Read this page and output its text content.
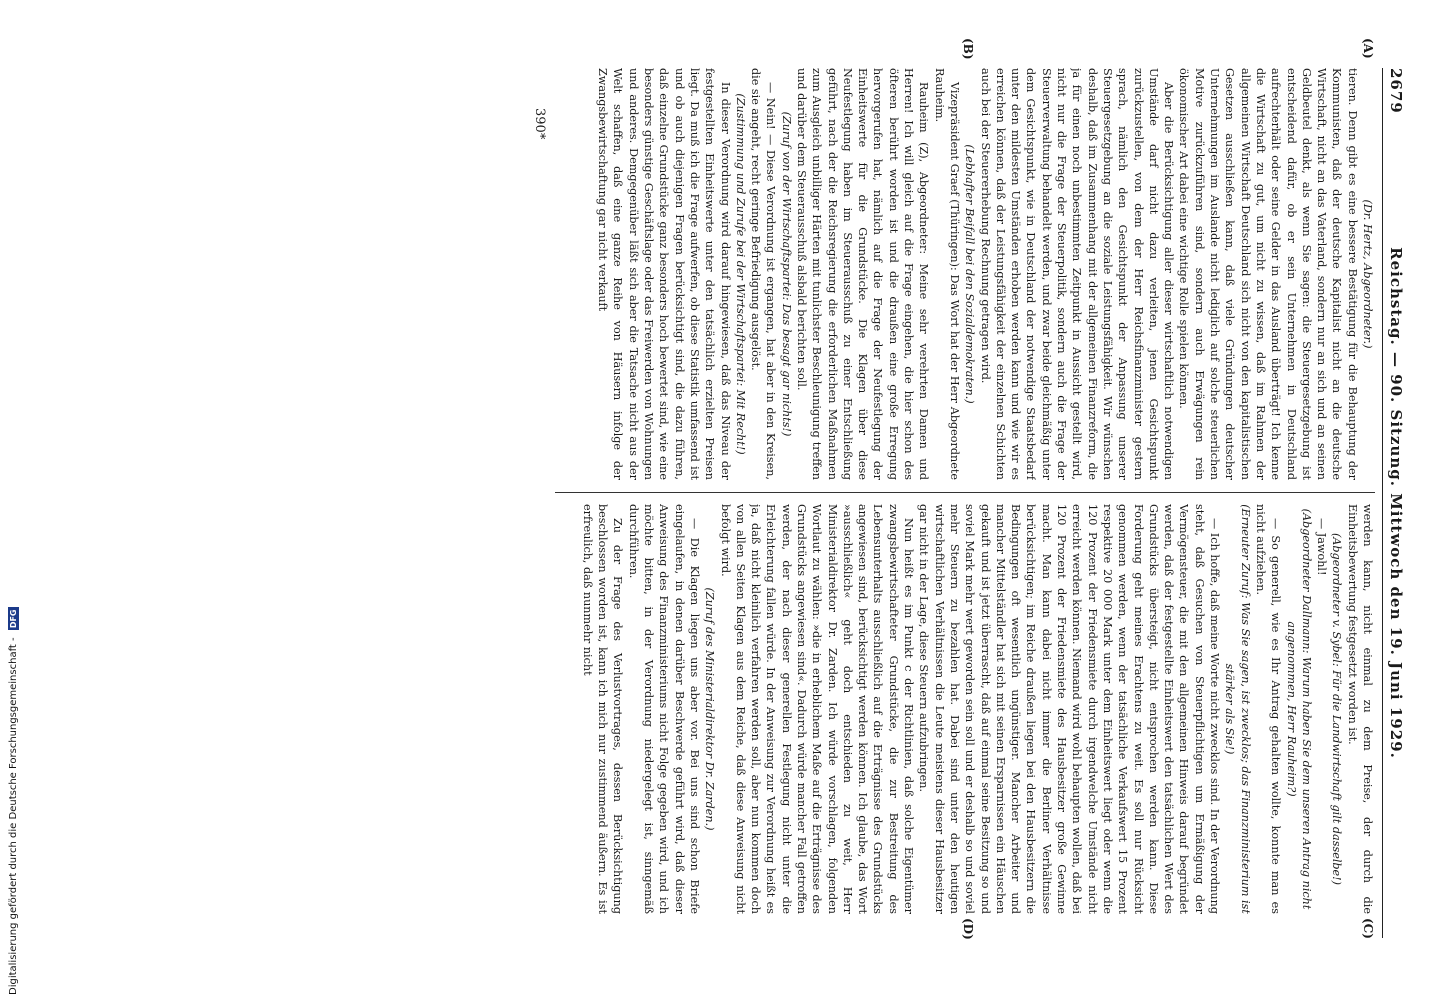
2679
Reichstag. — 90. Sitzung. Mittwoch den 19. Juni 1929.
(C)
(D)
(A)
(B)

(Dr. Hertz, Abgeordneter.)

tieren. Denn gibt es eine bessere Bestätigung für die Behauptung der Kommunisten, daß der deutsche Kapitalist nicht an die deutsche Wirtschaft, nicht an das Vaterland, sondern nur an sich und an seinen Geldbeutel denkt, als wenn Sie sagen: die Steuergesetzgebung ist entscheidend dafür, ob er sein Unternehmen in Deutschland aufrechterhält oder seine Gelder in das Ausland überträgt! Ich kenne die Wirtschaft zu gut, um nicht zu wissen, daß im Rahmen der allgemeinen Wirtschaft Deutschland sich nicht von den kapitalistischen Gesetzen ausschließen kann, daß viele Gründungen deutscher Unternehmungen im Auslande nicht lediglich auf solche steuerlichen Motive zurückzuführen sind, sondern auch Erwägungen rein ökonomischer Art dabei eine wichtige Rolle spielen können.

Aber die Berücksichtigung aller dieser wirtschaftlich notwendigen Umstände darf nicht dazu verleiten, jenen Gesichtspunkt zurückzustellen, von dem der Herr Reichsfinanzminister gestern sprach, nämlich den Gesichtspunkt der Anpassung unserer Steuergesetzgebung an die soziale Leistungsfähigkeit. Wir wünschen deshalb, daß im Zusammenhang mit der allgemeinen Finanzreform, die ja für einen noch unbestimmten Zeitpunkt in Aussicht gestellt wird, nicht nur die Frage der Steuerpolitik, sondern auch die Frage der Steuerverwaltung behandelt werden, und zwar beide gleichmäßig unter dem Gesichtspunkt, wie in Deutschland der notwendige Staatsbedarf unter den mildesten Umständen erhoben werden kann und wie wir es erreichen können, daß der Leistungsfähigkeit der einzelnen Schichten auch bei der Steuererhebung Rechnung getragen wird.

(Lebhafter Beifall bei den Sozialdemokraten.)

Vizepräsident Graef (Thüringen): Das Wort hat der Herr Abgeordnete Rauheim.

Rauheim (Z), Abgeordneter: Meine sehr verehrten Damen und Herren! Ich will gleich auf die Frage eingehen, die hier schon des öfteren berührt worden ist und die draußen eine große Erregung hervorgerufen hat, nämlich auf die Frage der Neufestlegung der Einheitswerte für die Grundstücke. Die Klagen über diese Neufestlegung haben im Steuerausschuß zu einer Entschließung geführt, nach der die Reichsregierung die erforderlichen Maßnahmen zum Ausgleich unbilliger Härten mit tunlichster Beschleunigung treffen und darüber dem Steuerausschuß alsbald berichten soll.

(Zuruf von der Wirtschaftspartei: Das besagt gar nichts!)

— Nein! — Diese Verordnung ist ergangen, hat aber in den Kreisen, die sie angeht, recht geringe Befriedigung ausgelöst.

(Zustimmung und Zurufe bei der Wirtschaftspartei: Mit Recht!)

In dieser Verordnung wird darauf hingewiesen, daß das Niveau der festgestellten Einheitswerte unter den tatsächlich erzielten Preisen liegt. Da muß ich die Frage aufwerfen, ob diese Statistik umfassend ist und ob auch diejenigen Fragen berücksichtigt sind, die dazu führen, daß einzelne Grundstücke ganz besonders hoch bewertet sind, wie eine besonders günstige Geschäftslage oder das Freiwerden von Wohnungen und anderes. Demgegenüber läßt sich aber die Tatsache nicht aus der Welt schaffen, daß eine ganze Reihe von Häusern infolge der Zwangsbewirtschaftung gar nicht verkauft

werden kann, nicht einmal zu dem Preise, der durch die Einheitsbewertung festgesetzt worden ist.

(Abgeordneter v. Sybel: Für die Landwirtschaft gilt dasselbe!)

— Jawohl!

(Abgeordneter Dallmann: Warum haben Sie dem unseren Antrag nicht angenommen, Herr Rauheim?)

— So generell, wie es Ihr Antrag gehalten wollte, konnte man es nicht aufziehen.

(Erneuter Zuruf: Was Sie sagen, ist zwecklos; das Finanzministerium ist stärker als Sie!)

— Ich hoffe, daß meine Worte nicht zwecklos sind. In der Verordnung steht, daß Gesuchen von Steuerpflichtigen um Ermäßigung der Vermögensteuer, die mit den allgemeinen Hinweis darauf begründet werden, daß der festgestellte Einheitswert den tatsächlichen Wert des Grundstücks übersteigt, nicht entsprochen werden kann. Diese Forderung geht meines Erachtens zu weit. Es soll nur Rücksicht genommen werden, wenn der tatsächliche Verkaufswert 15 Prozent respektive 20 000 Mark unter dem Einheitswert liegt oder wenn die 120 Prozent der Friedensmiete durch irgendwelche Umstände nicht erreicht werden können. Niemand wird wohl behaupten wollen, daß bei 120 Prozent der Friedensmiete des Hausbesitzer große Gewinne macht. Man kann dabei nicht immer die Berliner Verhältnisse berücksichtigen; im Reiche draußen liegen bei den Hausbesitzern die Bedingungen oft wesentlich ungünstiger. Mancher Arbeiter und mancher Mittelständler hat sich mit seinen Ersparnissen ein Häuschen gekauft und ist jetzt überrascht, daß auf einmal seine Besitzung so und soviel Mark mehr wert geworden sein soll und er deshalb so und soviel mehr Steuern zu bezahlen hat. Dabei sind unter den heutigen wirtschaftlichen Verhältnissen die Leute meistens dieser Hausbesitzer gar nicht in der Lage, diese Steuern aufzubringen.

Nun heißt es im Punkt c der Richtlinien, daß solche Eigentümer zwangsbewirtschafteter Grundstücke, die zur Bestreitung des Lebensunterhalts ausschließlich auf die Erträgnisse des Grundstücks angewiesen sind, berücksichtigt werden können. Ich glaube, das Wort »ausschließlich« geht doch entschieden zu weit, Herr Ministerialdirektor Dr. Zarden. Ich würde vorschlagen, folgenden Wortlaut zu wählen: »die in erheblichem Maße auf die Erträgnisse des Grundstücks angewiesen sind«. Dadurch würde mancher Fall getroffen werden, der nach dieser generellen Festlegung nicht unter die Erleichterung fallen würde. In der Anweisung zur Verordnung heißt es ja, daß nicht kleinlich verfahren werden soll, aber nun kommen doch von allen Seiten Klagen aus dem Reiche, daß diese Anweisung nicht befolgt wird.

(Zuruf des Ministerialdirektor Dr. Zarden.)

— Die Klagen liegen uns aber vor. Bei uns sind schon Briefe eingelaufen, in denen darüber Beschwerde geführt wird, daß dieser Anweisung des Finanzministeriums nicht Folge gegeben wird, und ich möchte bitten, in der Verordnung niedergelegt ist, sinngemäß durchführen.

Zu der Frage des Verlustvortrages, dessen Berücksichtigung beschlossen worden ist, kann ich mich nur zustimmend äußern. Es ist erfreulich, daß nunmehr nicht

390*
Digitalisierung gefördert durch die Deutsche Forschungsgemeinschaft - DFG
